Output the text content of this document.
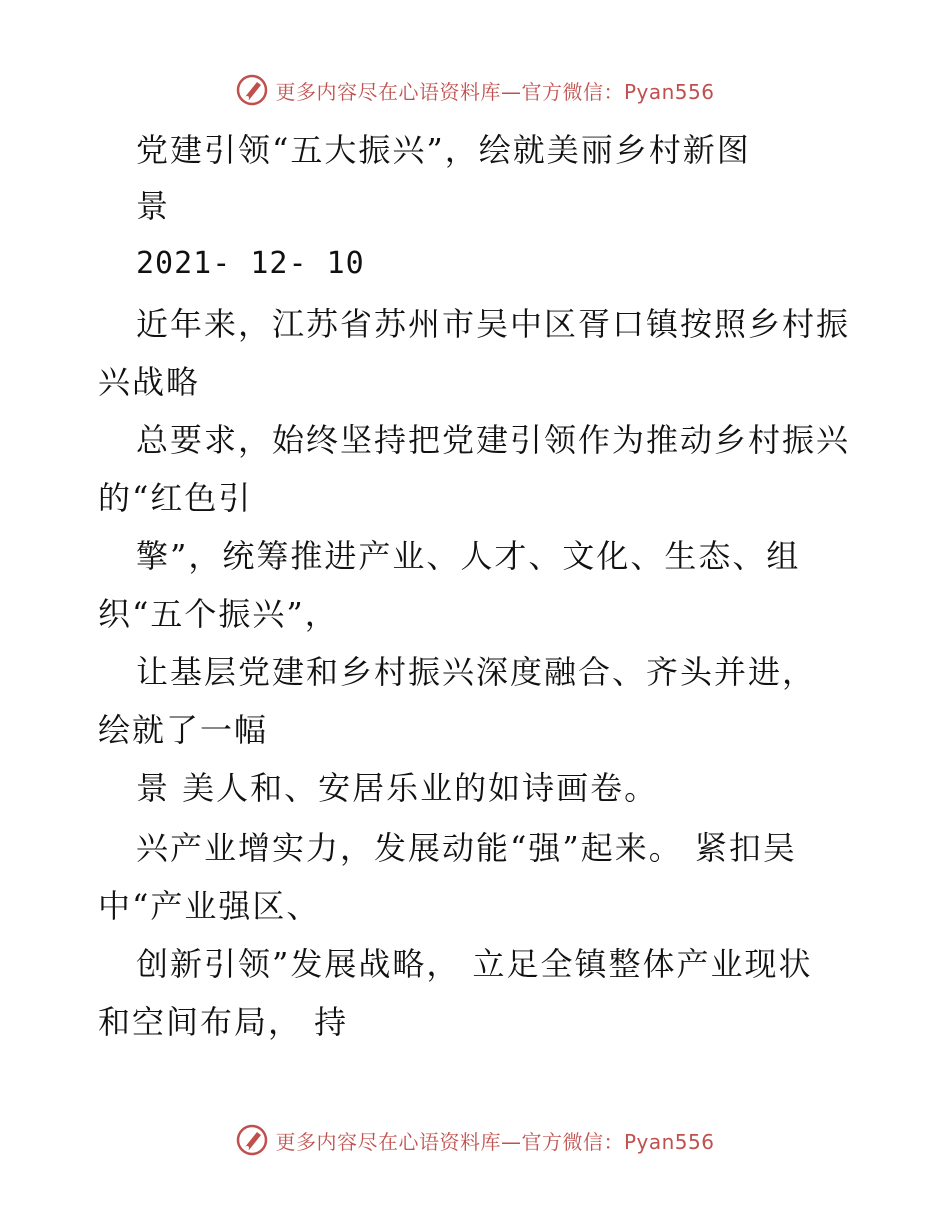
更多内容尽在心语资料库—官方微信：Pyan556
党建引领“五大振兴”，绘就美丽乡村新图
景
2021- 12- 10
近年来，江苏省苏州市吴中区胥口镇按照乡村振
兴战略
总要求，始终坚持把党建引领作为推动乡村振兴
的“红色引
擎”，统筹推进产业、人才、文化、生态、组
织“五个振兴”，
让基层党建和乡村振兴深度融合、齐头并进，
绘就了一幅
景 美人和、安居乐业的如诗画卷。
兴产业增实力，发展动能“强”起来。 紧扣吴
中“产业强区、
创新引领”发展战略， 立足全镇整体产业现状
和空间布局， 持
更多内容尽在心语资料库—官方微信：Pyan556
